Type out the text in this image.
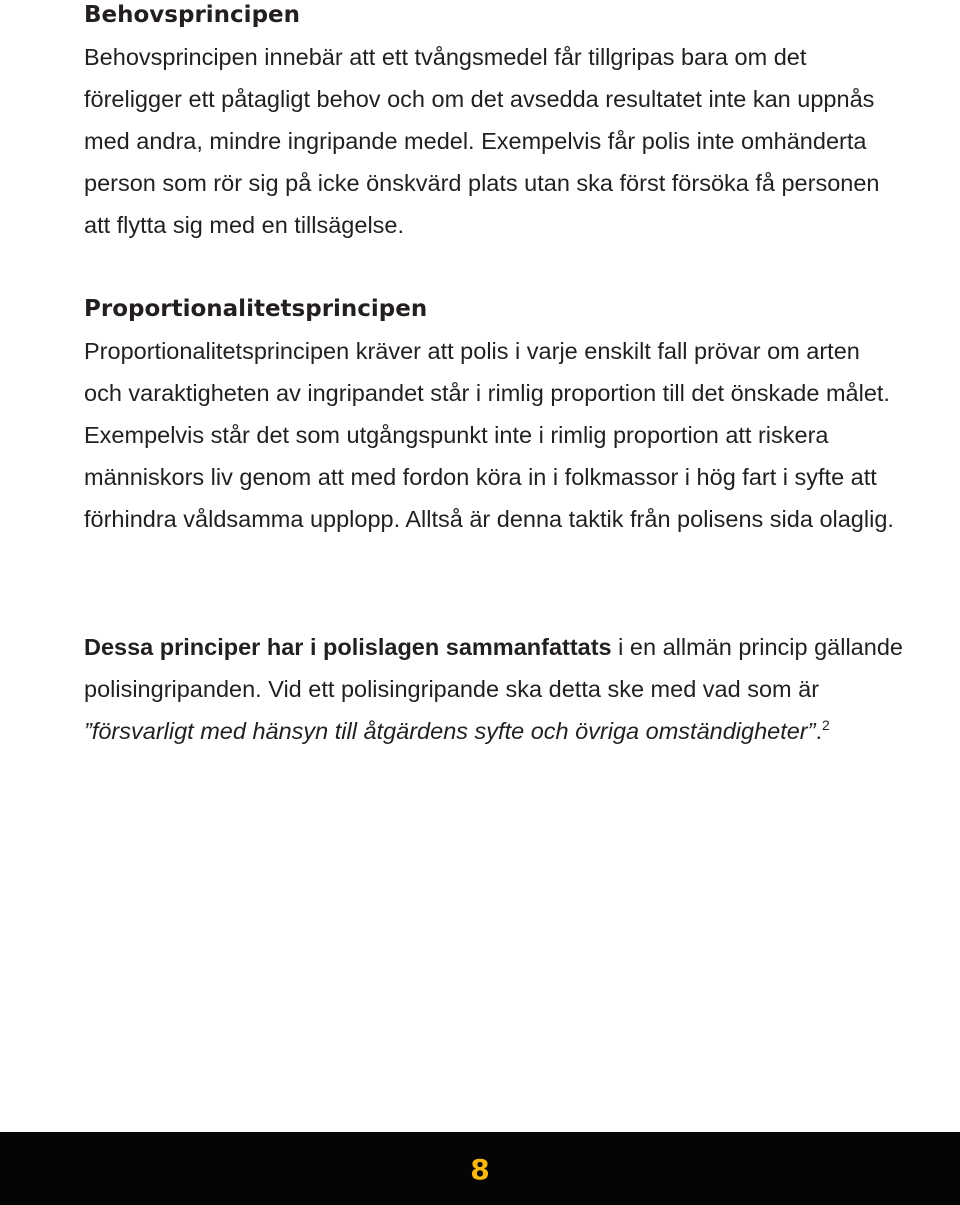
Behovsprincipen

Behovsprincipen innebär att ett tvångsmedel får tillgripas bara om det föreligger ett påtagligt behov och om det avsedda resultatet inte kan uppnås med andra, mindre ingripande medel. Exempelvis får polis inte omhänderta person som rör sig på icke önskvärd plats utan ska först försöka få personen att flytta sig med en tillsägelse.

Proportionalitetsprincipen

Proportionalitetsprincipen kräver att polis i varje enskilt fall prövar om arten och varaktigheten av ingripandet står i rimlig proportion till det önskade målet. Exempelvis står det som utgångspunkt inte i rimlig proportion att riskera människors liv genom att med fordon köra in i folkmassor i hög fart i syfte att förhindra våldsamma upplopp. Alltså är denna taktik från polisens sida olaglig.

Dessa principer har i polislagen sammanfattats i en allmän princip gällande polisingripanden. Vid ett polisingripande ska detta ske med vad som är ”försvarligt med hänsyn till åtgärdens syfte och övriga omständigheter”.$^2$

8
